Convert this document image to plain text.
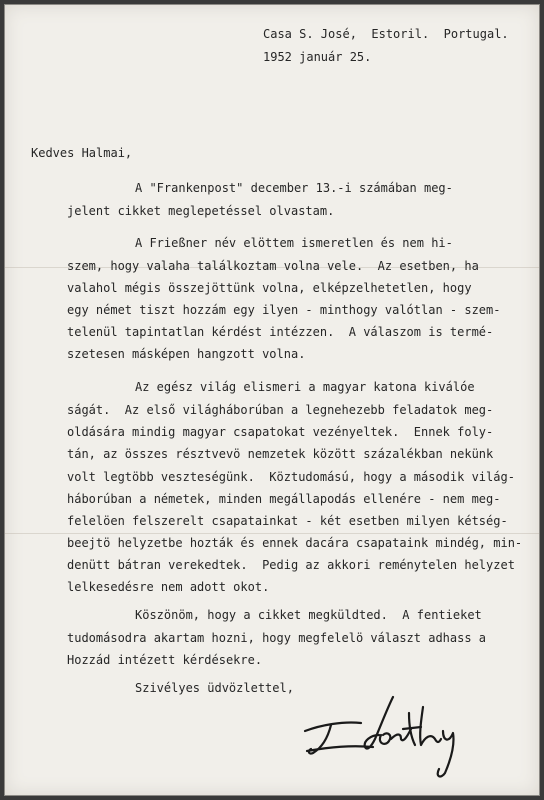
Casa S. José,  Estoril.  Portugal.
1952 január 25.
Kedves Halmai,
A "Frankenpost" december 13.-i számában meg-
jelent cikket meglepetéssel olvastam.
A Frießner név elöttem ismeretlen és nem hi-
szem, hogy valaha találkoztam volna vele.  Az esetben, ha
valahol mégis összejöttünk volna, elképzelhetetlen, hogy
egy német tiszt hozzám egy ilyen - minthogy valótlan - szem-
telenül tapintatlan kérdést intézzen.  A válaszom is termé-
szetesen másképen hangzott volna.
Az egész világ elismeri a magyar katona kiválóe
ságát.  Az első világháborúban a legnehezebb feladatok meg-
oldására mindig magyar csapatokat vezényeltek.  Ennek foly-
tán, az összes résztvevö nemzetek között százalékban nekünk
volt legtöbb veszteségünk.  Köztudomású, hogy a második világ-
háborúban a németek, minden megállapodás ellenére - nem meg-
felelöen felszerelt csapatainkat - két esetben milyen kétség-
beejtö helyzetbe hozták és ennek dacára csapataink mindég, min-
denütt bátran verekedtek.  Pedig az akkori reménytelen helyzet
lelkesedésre nem adott okot.
Köszönöm, hogy a cikket megküldted.  A fentieket
tudomásodra akartam hozni, hogy megfelelö választ adhass a
Hozzád intézett kérdésekre.
Szivélyes üdvözlettel,
